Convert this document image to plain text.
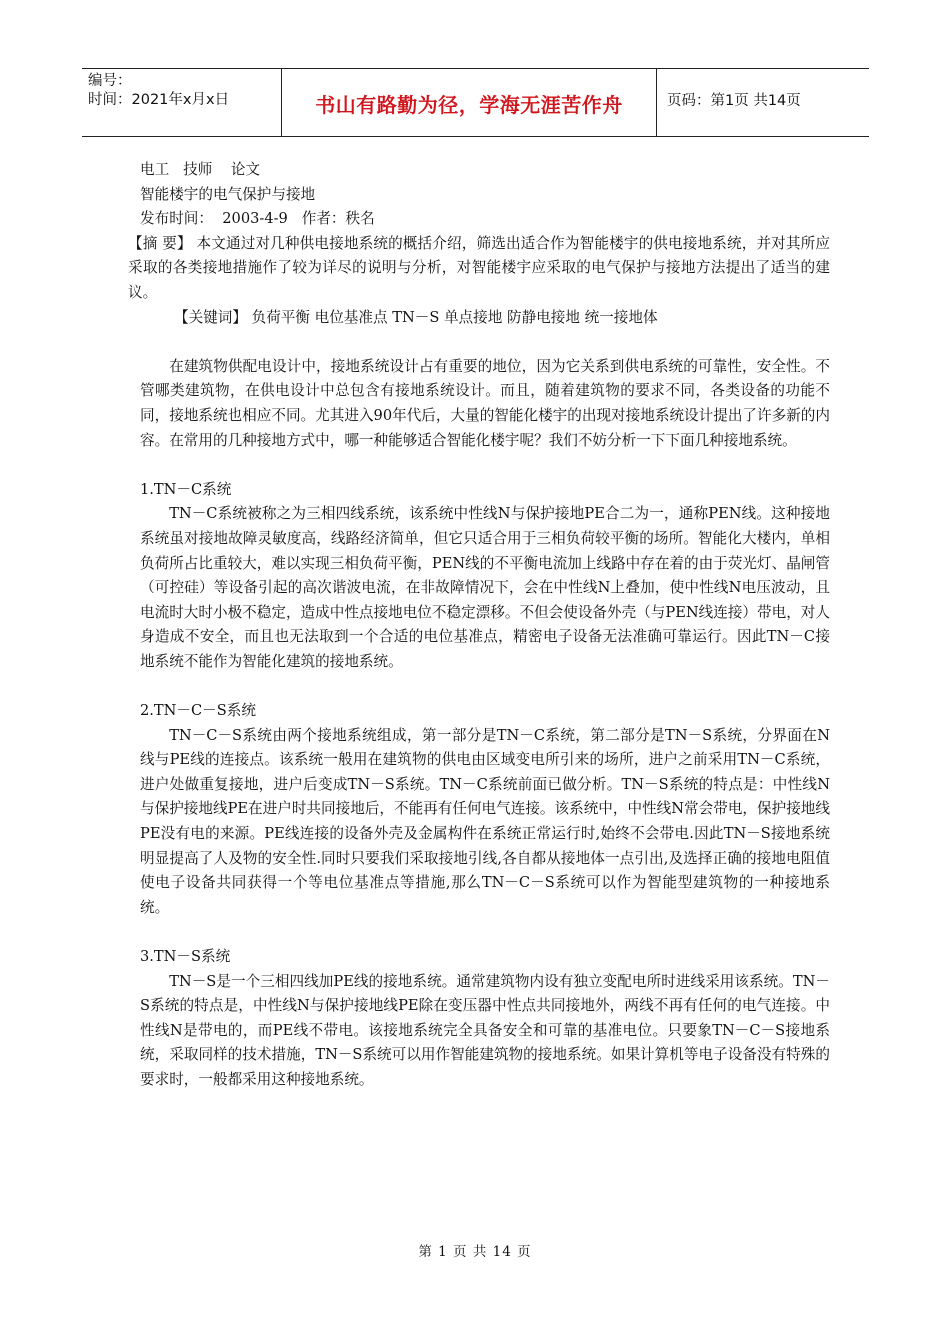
编号：
时间：2021年x月x日	书山有路勤为径，学海无涯苦作舟	页码：第1页 共14页
电工   技师    论文
智能楼宇的电气保护与接地
发布时间：  2003-4-9   作者：秩名

【摘 要】 本文通过对几种供电接地系统的概括介绍，筛选出适合作为智能楼宇的供电接地系统，并对其所应采取的各类接地措施作了较为详尽的说明与分析，对智能楼宇应采取的电气保护与接地方法提出了适当的建议。

【关键词】 负荷平衡 电位基准点 TN－S 单点接地 防静电接地 统一接地体

在建筑物供配电设计中，接地系统设计占有重要的地位，因为它关系到供电系统的可靠性，安全性。不管哪类建筑物，在供电设计中总包含有接地系统设计。而且，随着建筑物的要求不同，各类设备的功能不同，接地系统也相应不同。尤其进入90年代后，大量的智能化楼宇的出现对接地系统设计提出了许多新的内容。在常用的几种接地方式中，哪一种能够适合智能化楼宇呢？我们不妨分析一下下面几种接地系统。

1.TN－C系统

TN－C系统被称之为三相四线系统，该系统中性线N与保护接地PE合二为一，通称PEN线。这种接地系统虽对接地故障灵敏度高，线路经济简单，但它只适合用于三相负荷较平衡的场所。智能化大楼内，单相负荷所占比重较大，难以实现三相负荷平衡，PEN线的不平衡电流加上线路中存在着的由于荧光灯、晶闸管（可控硅）等设备引起的高次谐波电流，在非故障情况下，会在中性线N上叠加，使中性线N电压波动，且电流时大时小极不稳定，造成中性点接地电位不稳定漂移。不但会使设备外壳（与PEN线连接）带电，对人身造成不安全，而且也无法取到一个合适的电位基准点，精密电子设备无法准确可靠运行。因此TN－C接地系统不能作为智能化建筑的接地系统。

2.TN－C－S系统

TN－C－S系统由两个接地系统组成，第一部分是TN－C系统，第二部分是TN－S系统，分界面在N线与PE线的连接点。该系统一般用在建筑物的供电由区域变电所引来的场所，进户之前采用TN－C系统，进户处做重复接地，进户后变成TN－S系统。TN－C系统前面已做分析。TN－S系统的特点是：中性线N与保护接地线PE在进户时共同接地后，不能再有任何电气连接。该系统中，中性线N常会带电，保护接地线PE没有电的来源。PE线连接的设备外壳及金属构件在系统正常运行时,始终不会带电.因此TN－S接地系统明显提高了人及物的安全性.同时只要我们采取接地引线,各自都从接地体一点引出,及选择正确的接地电阻值使电子设备共同获得一个等电位基准点等措施,那么TN－C－S系统可以作为智能型建筑物的一种接地系统。

3.TN－S系统

TN－S是一个三相四线加PE线的接地系统。通常建筑物内设有独立变配电所时进线采用该系统。TN－S系统的特点是，中性线N与保护接地线PE除在变压器中性点共同接地外，两线不再有任何的电气连接。中性线N是带电的，而PE线不带电。该接地系统完全具备安全和可靠的基准电位。只要象TN－C－S接地系统，采取同样的技术措施，TN－S系统可以用作智能建筑物的接地系统。如果计算机等电子设备没有特殊的要求时，一般都采用这种接地系统。

第 1 页 共 14 页
